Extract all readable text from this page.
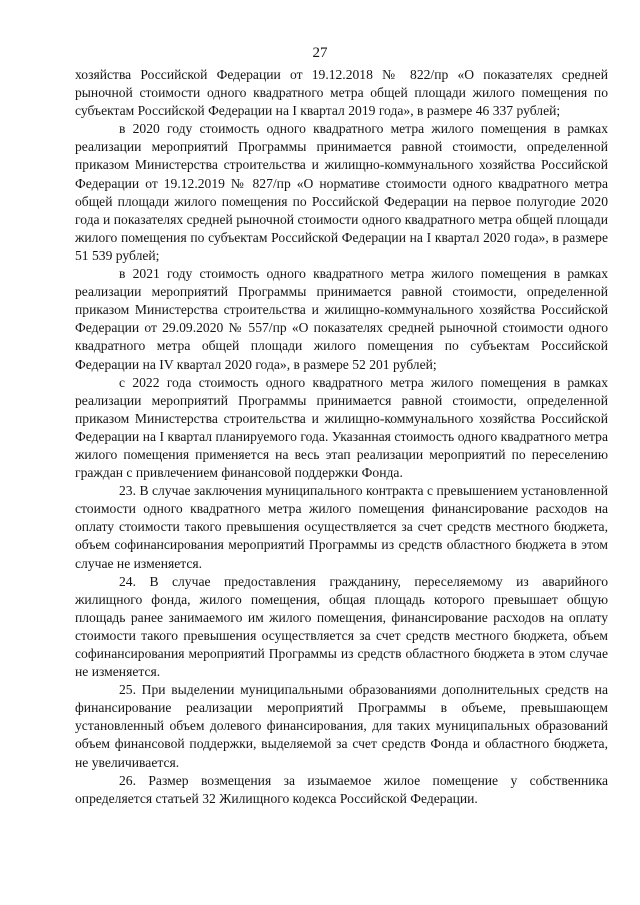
27

хозяйства Российской Федерации от 19.12.2018 № 822/пр «О показателях средней рыночной стоимости одного квадратного метра общей площади жилого помещения по субъектам Российской Федерации на I квартал 2019 года», в размере 46 337 рублей;

в 2020 году стоимость одного квадратного метра жилого помещения в рамках реализации мероприятий Программы принимается равной стоимости, определенной приказом Министерства строительства и жилищно-коммунального хозяйства Российской Федерации от 19.12.2019 № 827/пр «О нормативе стоимости одного квадратного метра общей площади жилого помещения по Российской Федерации на первое полугодие 2020 года и показателях средней рыночной стоимости одного квадратного метра общей площади жилого помещения по субъектам Российской Федерации на I квартал 2020 года», в размере 51 539 рублей;

в 2021 году стоимость одного квадратного метра жилого помещения в рамках реализации мероприятий Программы принимается равной стоимости, определенной приказом Министерства строительства и жилищно-коммунального хозяйства Российской Федерации от 29.09.2020 № 557/пр «О показателях средней рыночной стоимости одного квадратного метра общей площади жилого помещения по субъектам Российской Федерации на IV квартал 2020 года», в размере 52 201 рублей;

с 2022 года стоимость одного квадратного метра жилого помещения в рамках реализации мероприятий Программы принимается равной стоимости, определенной приказом Министерства строительства и жилищно-коммунального хозяйства Российской Федерации на I квартал планируемого года. Указанная стоимость одного квадратного метра жилого помещения применяется на весь этап реализации мероприятий по переселению граждан с привлечением финансовой поддержки Фонда.

23. В случае заключения муниципального контракта с превышением установленной стоимости одного квадратного метра жилого помещения финансирование расходов на оплату стоимости такого превышения осуществляется за счет средств местного бюджета, объем софинансирования мероприятий Программы из средств областного бюджета в этом случае не изменяется.

24. В случае предоставления гражданину, переселяемому из аварийного жилищного фонда, жилого помещения, общая площадь которого превышает общую площадь ранее занимаемого им жилого помещения, финансирование расходов на оплату стоимости такого превышения осуществляется за счет средств местного бюджета, объем софинансирования мероприятий Программы из средств областного бюджета в этом случае не изменяется.

25. При выделении муниципальными образованиями дополнительных средств на финансирование реализации мероприятий Программы в объеме, превышающем установленный объем долевого финансирования, для таких муниципальных образований объем финансовой поддержки, выделяемой за счет средств Фонда и областного бюджета, не увеличивается.

26. Размер возмещения за изымаемое жилое помещение у собственника определяется статьей 32 Жилищного кодекса Российской Федерации.
